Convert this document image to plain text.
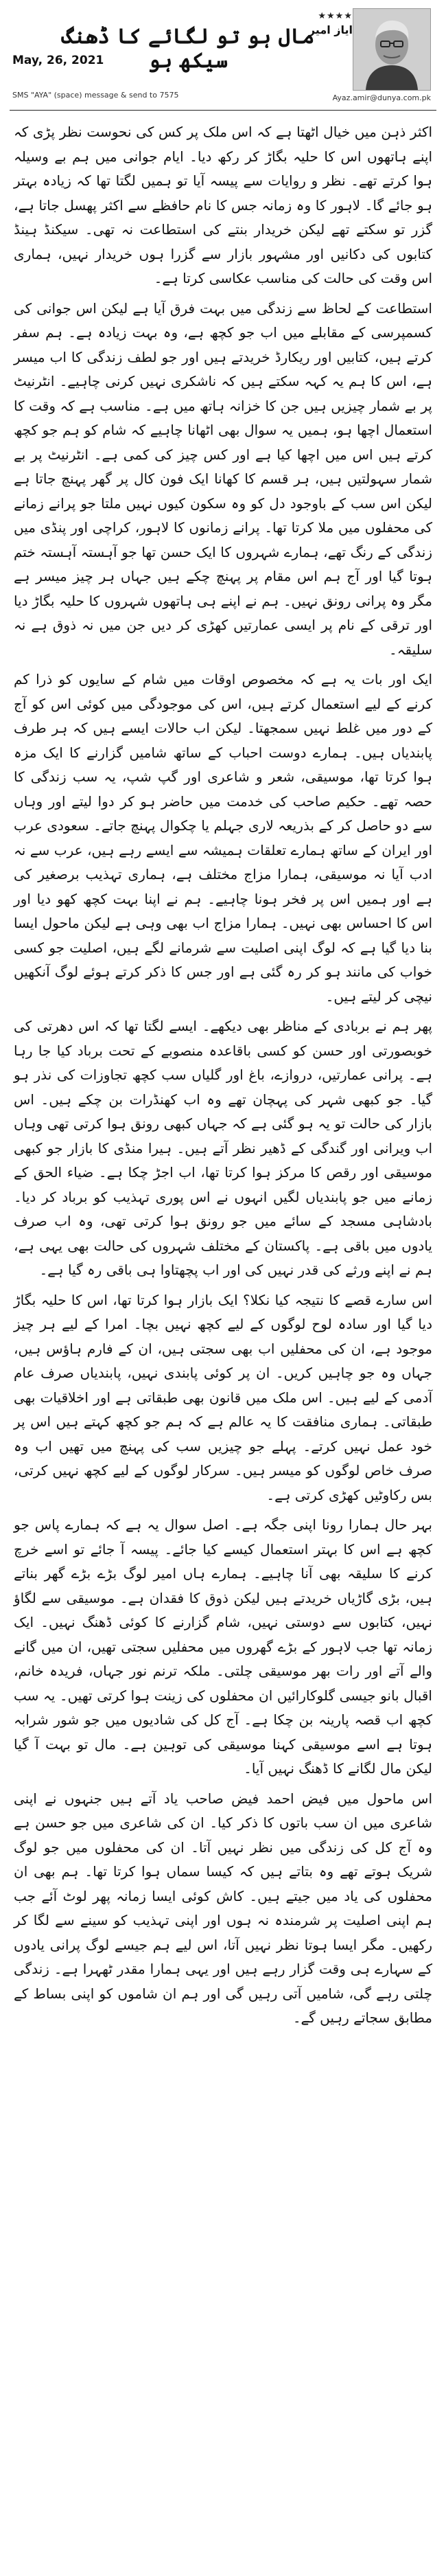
مال ہو تو لگائے کا ڈھنگ سیکھ ہو
★★★★
ایاز امیر
May, 26, 2021
SMS "AYA" (space) message & send to 7575	Ayaz.amir@dunya.com.pk

اکثر ذہن میں خیال اٹھتا ہے کہ اس ملک پر کس کی نحوست نظر پڑی کہ اپنے ہاتھوں اس کا حلیہ بگاڑ کر رکھ دیا۔ ایام جوانی میں ہم بے وسیلہ ہوا کرتے تھے۔ نظر و روایات سے پیسہ آیا تو ہمیں لگتا تھا کہ زیادہ بہتر ہو جائے گا۔ لاہور کا وہ زمانہ جس کا نام حافظے سے اکثر پھسل جاتا ہے، گزر تو سکتے تھے لیکن خریدار بنتے کی استطاعت نہ تھی۔ سیکنڈ ہینڈ کتابوں کی دکانیں اور مشہور بازار سے گزرا ہوں خریدار نہیں، ہماری اس وقت کی حالت کی مناسب عکاسی کرتا ہے۔

استطاعت کے لحاظ سے زندگی میں بہت فرق آیا ہے لیکن اس جوانی کی کسمپرسی کے مقابلے میں اب جو کچھ ہے، وہ بہت زیادہ ہے۔ ہم سفر کرتے ہیں، کتابیں اور ریکارڈ خریدتے ہیں اور جو لطف زندگی کا اب میسر ہے، اس کا ہم یہ کہہ سکتے ہیں کہ ناشکری نہیں کرنی چاہیے۔ انٹرنیٹ پر بے شمار چیزیں ہیں جن کا خزانہ ہاتھ میں ہے۔ مناسب ہے کہ وقت کا استعمال اچھا ہو، ہمیں یہ سوال بھی اٹھانا چاہیے کہ شام کو ہم جو کچھ کرتے ہیں اس میں اچھا کیا ہے اور کس چیز کی کمی ہے۔ انٹرنیٹ پر بے شمار سہولتیں ہیں، ہر قسم کا کھانا ایک فون کال پر گھر پہنچ جاتا ہے لیکن اس سب کے باوجود دل کو وہ سکون کیوں نہیں ملتا جو پرانے زمانے کی محفلوں میں ملا کرتا تھا۔ پرانے زمانوں کا لاہور، کراچی اور پنڈی میں زندگی کے رنگ تھے، ہمارے شہروں کا ایک حسن تھا جو آہستہ آہستہ ختم ہوتا گیا اور آج ہم اس مقام پر پہنچ چکے ہیں جہاں ہر چیز میسر ہے مگر وہ پرانی رونق نہیں۔ ہم نے اپنے ہی ہاتھوں شہروں کا حلیہ بگاڑ دیا اور ترقی کے نام پر ایسی عمارتیں کھڑی کر دیں جن میں نہ ذوق ہے نہ سلیقہ۔

ایک اور بات یہ ہے کہ مخصوص اوقات میں شام کے سایوں کو ذرا کم کرنے کے لیے استعمال کرتے ہیں، اس کی موجودگی میں کوئی اس کو آج کے دور میں غلط نہیں سمجھتا۔ لیکن اب حالات ایسے ہیں کہ ہر طرف پابندیاں ہیں۔ ہمارے دوست احباب کے ساتھ شامیں گزارنے کا ایک مزہ ہوا کرتا تھا، موسیقی، شعر و شاعری اور گپ شپ، یہ سب زندگی کا حصہ تھے۔ حکیم صاحب کی خدمت میں حاضر ہو کر دوا لیتے اور وہاں سے دو حاصل کر کے بذریعہ لاری جہلم یا چکوال پہنچ جاتے۔ سعودی عرب اور ایران کے ساتھ ہمارے تعلقات ہمیشہ سے ایسے رہے ہیں، عرب سے نہ ادب آیا نہ موسیقی، ہمارا مزاج مختلف ہے، ہماری تہذیب برصغیر کی ہے اور ہمیں اس پر فخر ہونا چاہیے۔ ہم نے اپنا بہت کچھ کھو دیا اور اس کا احساس بھی نہیں۔ ہمارا مزاج اب بھی وہی ہے لیکن ماحول ایسا بنا دیا گیا ہے کہ لوگ اپنی اصلیت سے شرمانے لگے ہیں، اصلیت جو کسی خواب کی مانند ہو کر رہ گئی ہے اور جس کا ذکر کرتے ہوئے لوگ آنکھیں نیچی کر لیتے ہیں۔

پھر ہم نے بربادی کے مناظر بھی دیکھے۔ ایسے لگتا تھا کہ اس دھرتی کی خوبصورتی اور حسن کو کسی باقاعدہ منصوبے کے تحت برباد کیا جا رہا ہے۔ پرانی عمارتیں، دروازے، باغ اور گلیاں سب کچھ تجاوزات کی نذر ہو گیا۔ جو کبھی شہر کی پہچان تھے وہ اب کھنڈرات بن چکے ہیں۔ اس بازار کی حالت تو یہ ہو گئی ہے کہ جہاں کبھی رونق ہوا کرتی تھی وہاں اب ویرانی اور گندگی کے ڈھیر نظر آتے ہیں۔ ہیرا منڈی کا بازار جو کبھی موسیقی اور رقص کا مرکز ہوا کرتا تھا، اب اجڑ چکا ہے۔ ضیاء الحق کے زمانے میں جو پابندیاں لگیں انہوں نے اس پوری تہذیب کو برباد کر دیا۔ بادشاہی مسجد کے سائے میں جو رونق ہوا کرتی تھی، وہ اب صرف یادوں میں باقی ہے۔ پاکستان کے مختلف شہروں کی حالت بھی یہی ہے، ہم نے اپنے ورثے کی قدر نہیں کی اور اب پچھتاوا ہی باقی رہ گیا ہے۔

اس سارے قصے کا نتیجہ کیا نکلا؟ ایک بازار ہوا کرتا تھا، اس کا حلیہ بگاڑ دیا گیا اور سادہ لوح لوگوں کے لیے کچھ نہیں بچا۔ امرا کے لیے ہر چیز موجود ہے، ان کی محفلیں اب بھی سجتی ہیں، ان کے فارم ہاؤس ہیں، جہاں وہ جو چاہیں کریں۔ ان پر کوئی پابندی نہیں، پابندیاں صرف عام آدمی کے لیے ہیں۔ اس ملک میں قانون بھی طبقاتی ہے اور اخلاقیات بھی طبقاتی۔ ہماری منافقت کا یہ عالم ہے کہ ہم جو کچھ کہتے ہیں اس پر خود عمل نہیں کرتے۔ پہلے جو چیزیں سب کی پہنچ میں تھیں اب وہ صرف خاص لوگوں کو میسر ہیں۔ سرکار لوگوں کے لیے کچھ نہیں کرتی، بس رکاوٹیں کھڑی کرتی ہے۔

بہر حال ہمارا رونا اپنی جگہ ہے۔ اصل سوال یہ ہے کہ ہمارے پاس جو کچھ ہے اس کا بہتر استعمال کیسے کیا جائے۔ پیسہ آ جائے تو اسے خرچ کرنے کا سلیقہ بھی آنا چاہیے۔ ہمارے ہاں امیر لوگ بڑے بڑے گھر بناتے ہیں، بڑی گاڑیاں خریدتے ہیں لیکن ذوق کا فقدان ہے۔ موسیقی سے لگاؤ نہیں، کتابوں سے دوستی نہیں، شام گزارنے کا کوئی ڈھنگ نہیں۔ ایک زمانہ تھا جب لاہور کے بڑے گھروں میں محفلیں سجتی تھیں، ان میں گانے والے آتے اور رات بھر موسیقی چلتی۔ ملکہ ترنم نور جہاں، فریدہ خانم، اقبال بانو جیسی گلوکارائیں ان محفلوں کی زینت ہوا کرتی تھیں۔ یہ سب کچھ اب قصہ پارینہ بن چکا ہے۔ آج کل کی شادیوں میں جو شور شرابہ ہوتا ہے اسے موسیقی کہنا موسیقی کی توہین ہے۔ مال تو بہت آ گیا لیکن مال لگانے کا ڈھنگ نہیں آیا۔

اس ماحول میں فیض احمد فیض صاحب یاد آتے ہیں جنہوں نے اپنی شاعری میں ان سب باتوں کا ذکر کیا۔ ان کی شاعری میں جو حسن ہے وہ آج کل کی زندگی میں نظر نہیں آتا۔ ان کی محفلوں میں جو لوگ شریک ہوتے تھے وہ بتاتے ہیں کہ کیسا سماں ہوا کرتا تھا۔ ہم بھی ان محفلوں کی یاد میں جیتے ہیں۔ کاش کوئی ایسا زمانہ پھر لوٹ آئے جب ہم اپنی اصلیت پر شرمندہ نہ ہوں اور اپنی تہذیب کو سینے سے لگا کر رکھیں۔ مگر ایسا ہوتا نظر نہیں آتا، اس لیے ہم جیسے لوگ پرانی یادوں کے سہارے ہی وقت گزار رہے ہیں اور یہی ہمارا مقدر ٹھہرا ہے۔ زندگی چلتی رہے گی، شامیں آتی رہیں گی اور ہم ان شاموں کو اپنی بساط کے مطابق سجاتے رہیں گے۔
